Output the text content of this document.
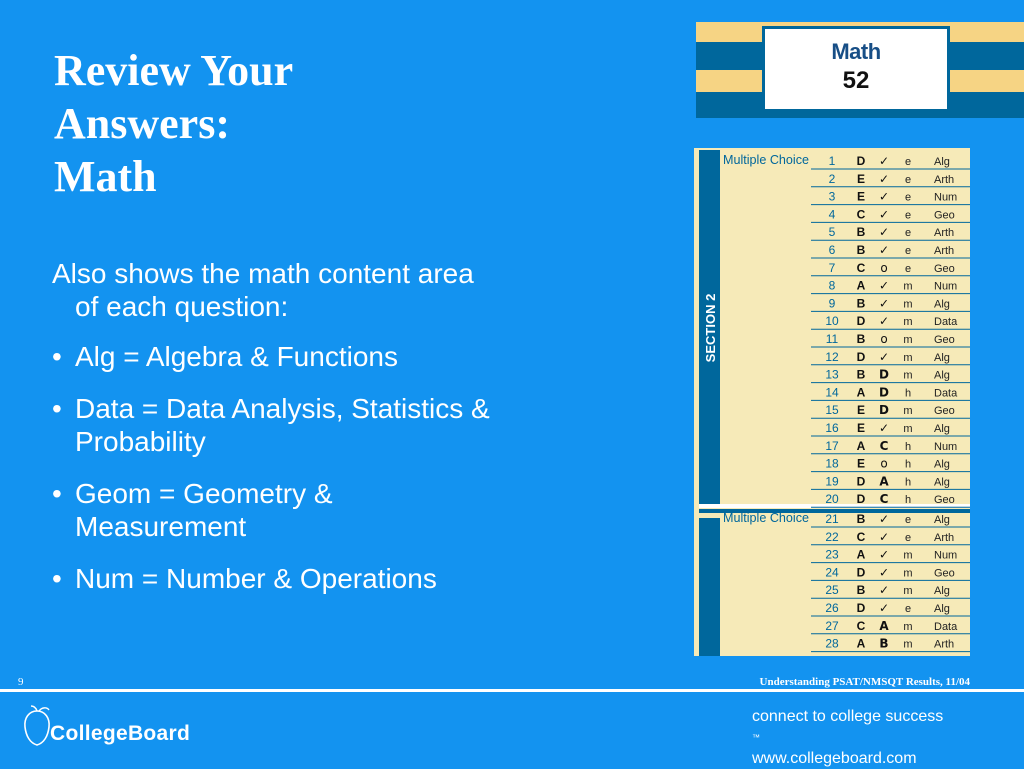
Review Your
Answers:
Math

Also shows the math content area of each question:

• Alg = Algebra & Functions
• Data = Data Analysis, Statistics & Probability
• Geom = Geometry & Measurement
• Num = Number & Operations
Math
52
SECTION 2
Multiple Choice 1 D ✓ e Alg
2 E ✓ e Arth
3 E ✓ e Num
4 C ✓ e Geo
5 B ✓ e Arth
6 B ✓ e Arth
7 C o e Geo
8 A ✓ m Num
9 B ✓ m Alg
10 D ✓ m Data
11 B o m Geo
12 D ✓ m Alg
13 B D m Alg
14 A D h Data
15 E D m Geo
16 E ✓ m Alg
17 A C h Num
18 E o h Alg
19 D A h Alg
20 D C h Geo
Multiple Choice 21 B ✓ e Alg
22 C ✓ e Arth
23 A ✓ m Num
24 D ✓ m Geo
25 B ✓ m Alg
26 D ✓ e Alg
27 C A m Data
28 A B m Arth
9	Understanding PSAT/NMSQT Results, 11/04
CollegeBoard
connect to college success
™
www.collegeboard.com
